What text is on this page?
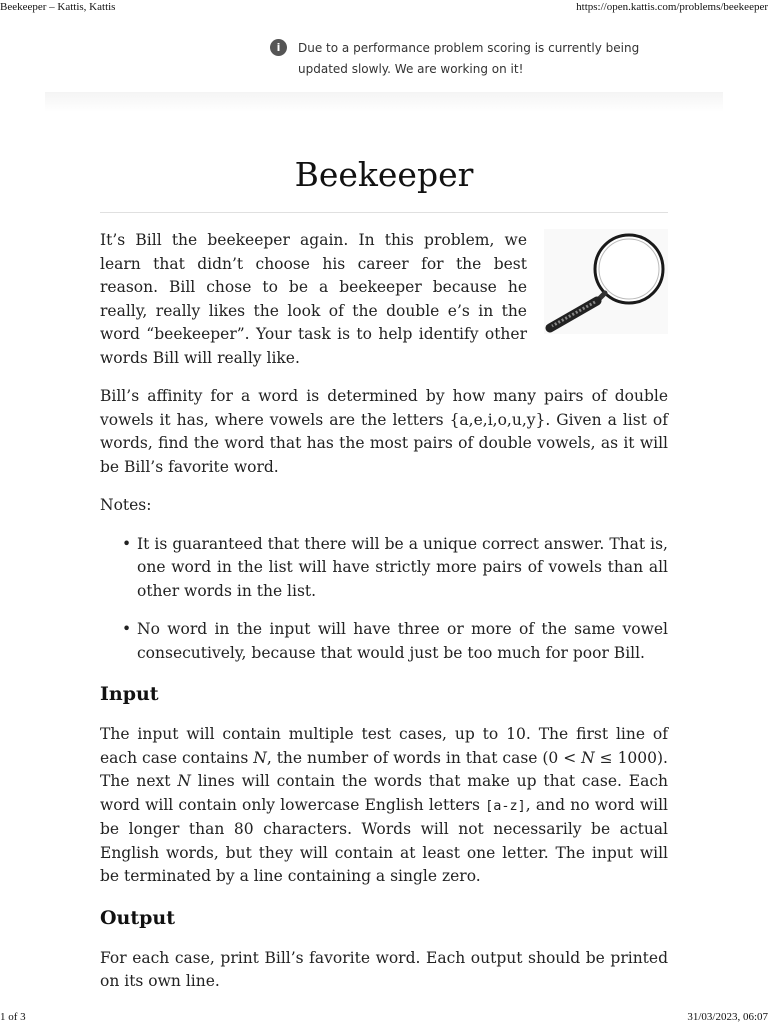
Beekeeper – Kattis, Kattis	https://open.kattis.com/problems/beekeeper
i	Due to a performance problem scoring is currently being updated slowly. We are working on it!
Beekeeper

It’s Bill the beekeeper again. In this problem, we learn that didn’t choose his career for the best reason. Bill chose to be a beekeeper because he really, really likes the look of the double e’s in the word “beekeeper”. Your task is to help identify other words Bill will really like.

Bill’s affinity for a word is determined by how many pairs of double vowels it has, where vowels are the letters {a,e,i,o,u,y}. Given a list of words, find the word that has the most pairs of double vowels, as it will be Bill’s favorite word.

Notes:

• It is guaranteed that there will be a unique correct answer. That is, one word in the list will have strictly more pairs of vowels than all other words in the list.
• No word in the input will have three or more of the same vowel consecutively, because that would just be too much for poor Bill.
Input

The input will contain multiple test cases, up to 10. The first line of each case contains N, the number of words in that case (0 < N ≤ 1000). The next N lines will contain the words that make up that case. Each word will contain only lowercase English letters [a-z], and no word will be longer than 80 characters. Words will not necessarily be actual English words, but they will contain at least one letter. The input will be terminated by a line containing a single zero.

Output

For each case, print Bill’s favorite word. Each output should be printed on its own line.

1 of 3	31/03/2023, 06:07
